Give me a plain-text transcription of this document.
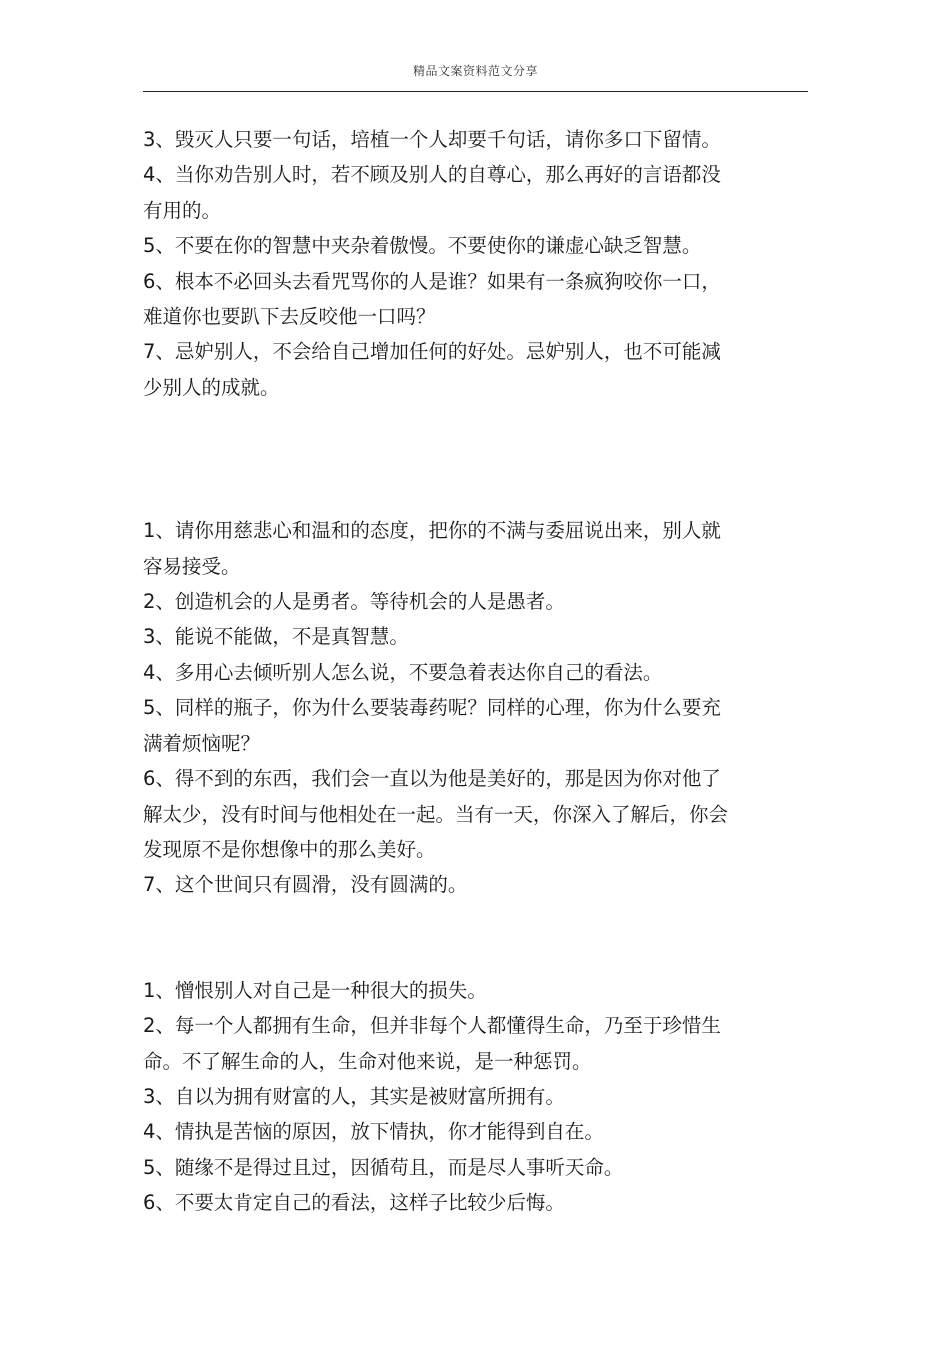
精品文案资料范文分享
3、毁灭人只要一句话，培植一个人却要千句话，请你多口下留情。
4、当你劝告别人时，若不顾及别人的自尊心，那么再好的言语都没
有用的。
5、不要在你的智慧中夹杂着傲慢。不要使你的谦虚心缺乏智慧。
6、根本不必回头去看咒骂你的人是谁？如果有一条疯狗咬你一口，
难道你也要趴下去反咬他一口吗？
7、忌妒别人，不会给自己增加任何的好处。忌妒别人，也不可能减
少别人的成就。
1、请你用慈悲心和温和的态度，把你的不满与委屈说出来，别人就
容易接受。
2、创造机会的人是勇者。等待机会的人是愚者。
3、能说不能做，不是真智慧。
4、多用心去倾听别人怎么说，不要急着表达你自己的看法。
5、同样的瓶子，你为什么要装毒药呢？同样的心理，你为什么要充
满着烦恼呢？
6、得不到的东西，我们会一直以为他是美好的，那是因为你对他了
解太少，没有时间与他相处在一起。当有一天，你深入了解后，你会
发现原不是你想像中的那么美好。
7、这个世间只有圆滑，没有圆满的。
1、憎恨别人对自己是一种很大的损失。
2、每一个人都拥有生命，但并非每个人都懂得生命，乃至于珍惜生
命。不了解生命的人，生命对他来说，是一种惩罚。
3、自以为拥有财富的人，其实是被财富所拥有。
4、情执是苦恼的原因，放下情执，你才能得到自在。
5、随缘不是得过且过，因循苟且，而是尽人事听天命。
6、不要太肯定自己的看法，这样子比较少后悔。
